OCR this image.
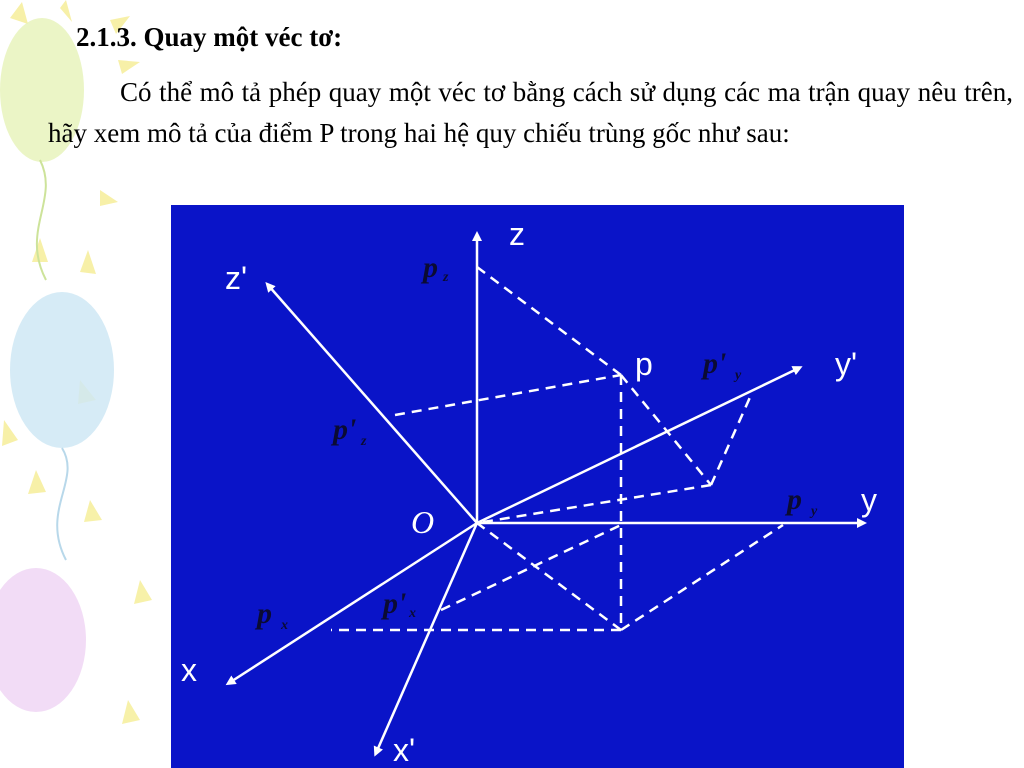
2.1.3. Quay một véc tơ:
Có thể mô tả phép quay một véc tơ bằng cách sử dụng các ma trận quay nêu trên, hãy xem mô tả của điểm P trong hai hệ quy chiếu trùng gốc như sau:
z
z'
y
y'
x
x'
O
p
p z
p' z
p' y
p y
p x
p' x
